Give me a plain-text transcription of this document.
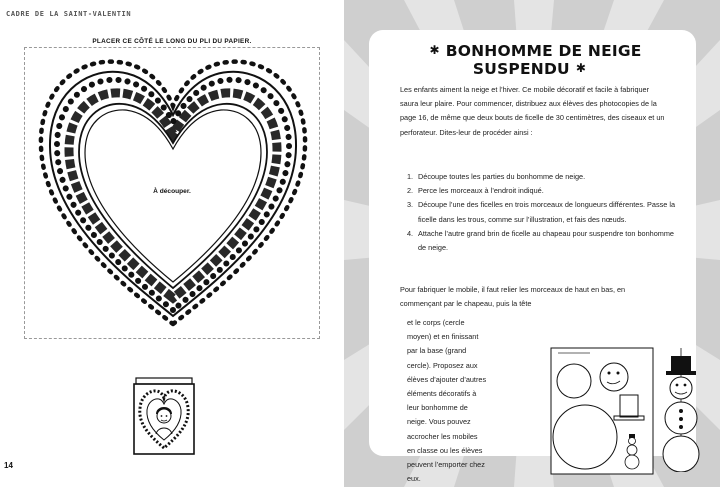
CADRE DE LA SAINT-VALENTIN
PLACER CE CÔTÉ LE LONG DU PLI DU PAPIER.
À découper.
14
✱ BONHOMME DE NEIGE SUSPENDU ✱
Les enfants aiment la neige et l’hiver. Ce mobile décoratif et facile à fabriquer saura leur plaire. Pour commencer, distribuez aux élèves des photocopies de la page 16, de même que deux bouts de ficelle de 30 centimètres, des ciseaux et un perforateur. Dites-leur de procéder ainsi :
1. Découpe toutes les parties du bonhomme de neige.
2. Perce les morceaux à l’endroit indiqué.
3. Découpe l’une des ficelles en trois morceaux de longueurs différentes. Passe la ficelle dans les trous, comme sur l’illustration, et fais des nœuds.
4. Attache l’autre grand brin de ficelle au chapeau pour suspendre ton bonhomme de neige.
Pour fabriquer le mobile, il faut relier les morceaux de haut en bas, en commençant par le chapeau, puis la tête
et le corps (cercle moyen) et en finissant par la base (grand cercle). Proposez aux élèves d’ajouter d’autres éléments décoratifs à leur bonhomme de neige. Vous pouvez accrocher les mobiles en classe ou les élèves peuvent l’emporter chez eux.
